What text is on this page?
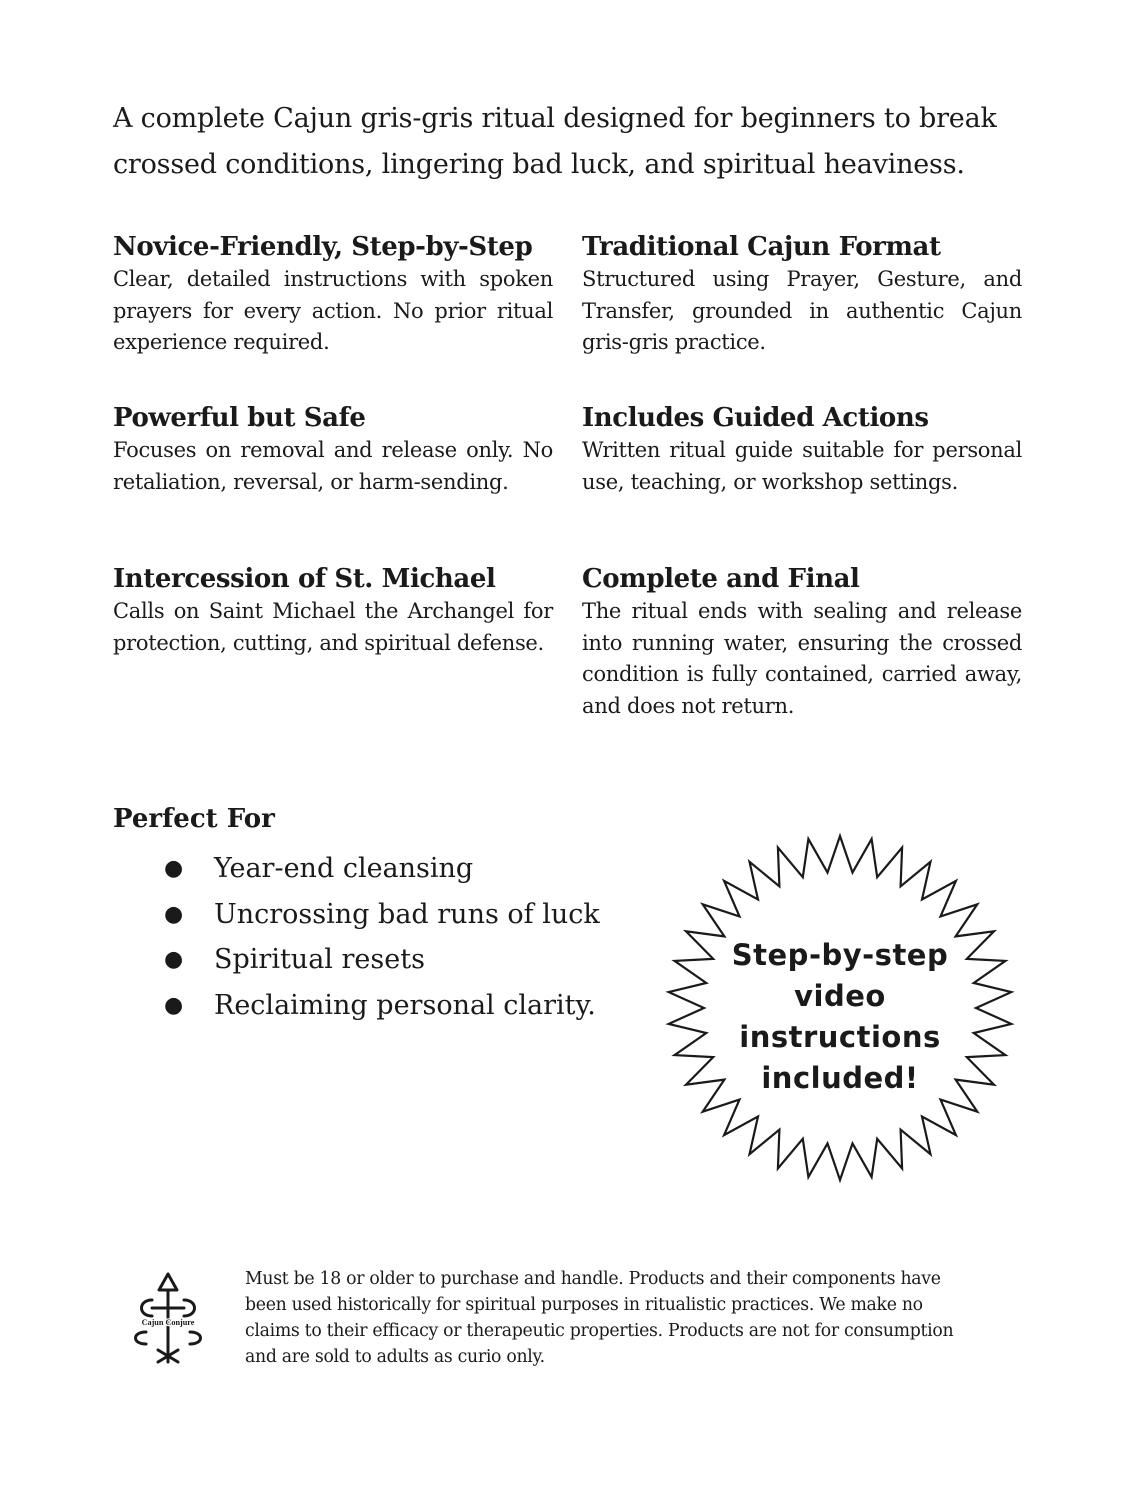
A complete Cajun gris-gris ritual designed for beginners to break crossed conditions, lingering bad luck, and spiritual heaviness.
Novice-Friendly, Step-by-Step

Clear, detailed instructions with spoken prayers for every action. No prior ritual experience required.

Traditional Cajun Format

Structured using Prayer, Gesture, and Transfer, grounded in authentic Cajun gris-gris practice.

Powerful but Safe

Focuses on removal and release only. No retaliation, reversal, or harm-sending.

Includes Guided Actions

Written ritual guide suitable for personal use, teaching, or workshop settings.

Intercession of St. Michael

Calls on Saint Michael the Archangel for protection, cutting, and spiritual defense.

Complete and Final

The ritual ends with sealing and release into running water, ensuring the crossed condition is fully contained, carried away, and does not return.

Perfect For
● Year-end cleansing
● Uncrossing bad runs of luck
● Spiritual resets
● Reclaiming personal clarity.
Step-by-step
video
instructions
included!
Cajun Conjure
Must be 18 or older to purchase and handle. Products and their components have
been used historically for spiritual purposes in ritualistic practices. We make no
claims to their efficacy or therapeutic properties. Products are not for consumption
and are sold to adults as curio only.
